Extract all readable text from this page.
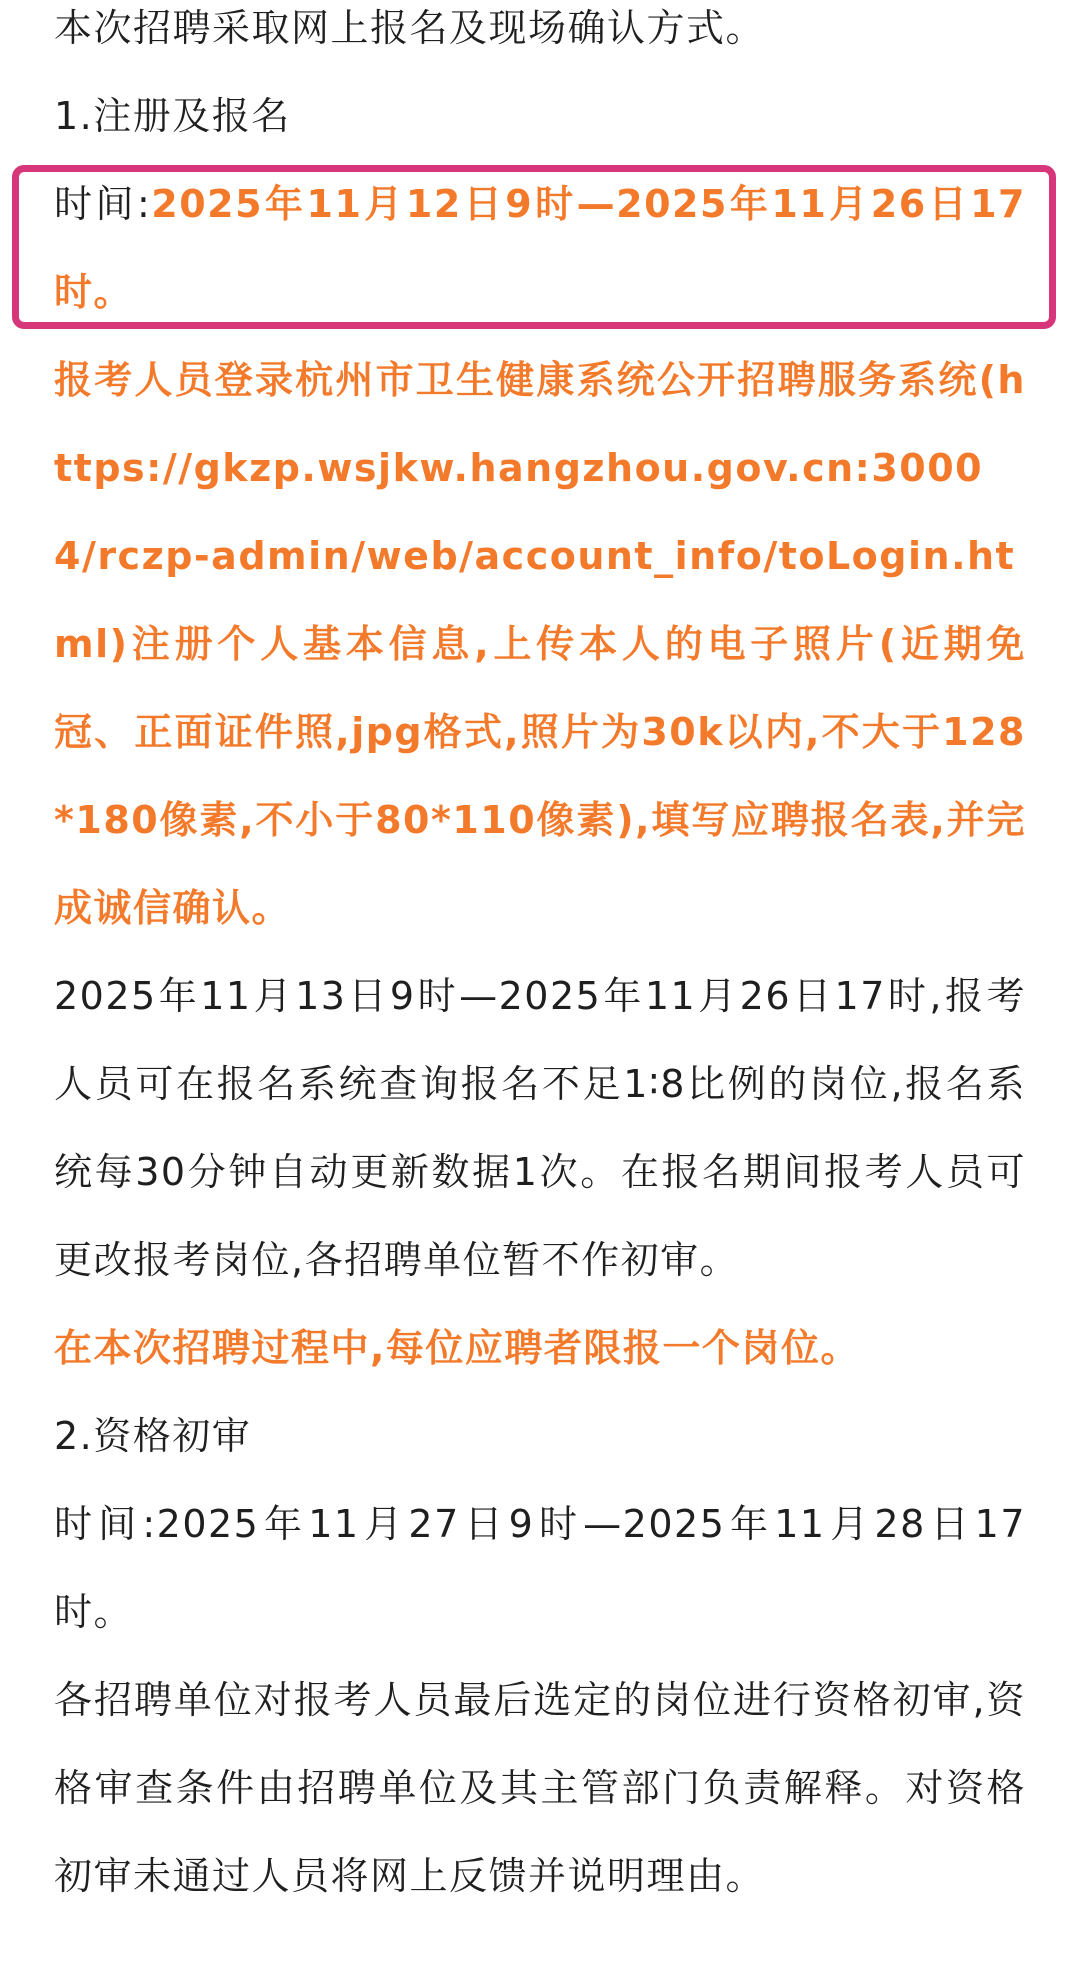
本次招聘采取网上报名及现场确认方式。

1.注册及报名

时间:2025年11月12日9时—2025年11月26日17时。

报考人员登录杭州市卫生健康系统公开招聘服务系统(https://gkzp.wsjkw.hangzhou.gov.cn:30004/rczp-admin/web/account_info/toLogin.html)注册个人基本信息,上传本人的电子照片(近期免冠、正面证件照,jpg格式,照片为30k以内,不大于128*180像素,不小于80*110像素),填写应聘报名表,并完成诚信确认。

2025年11月13日9时—2025年11月26日17时,报考人员可在报名系统查询报名不足1∶8比例的岗位,报名系统每30分钟自动更新数据1次。在报名期间报考人员可更改报考岗位,各招聘单位暂不作初审。

在本次招聘过程中,每位应聘者限报一个岗位。

2.资格初审

时间:2025年11月27日9时—2025年11月28日17时。

各招聘单位对报考人员最后选定的岗位进行资格初审,资格审查条件由招聘单位及其主管部门负责解释。对资格初审未通过人员将网上反馈并说明理由。
